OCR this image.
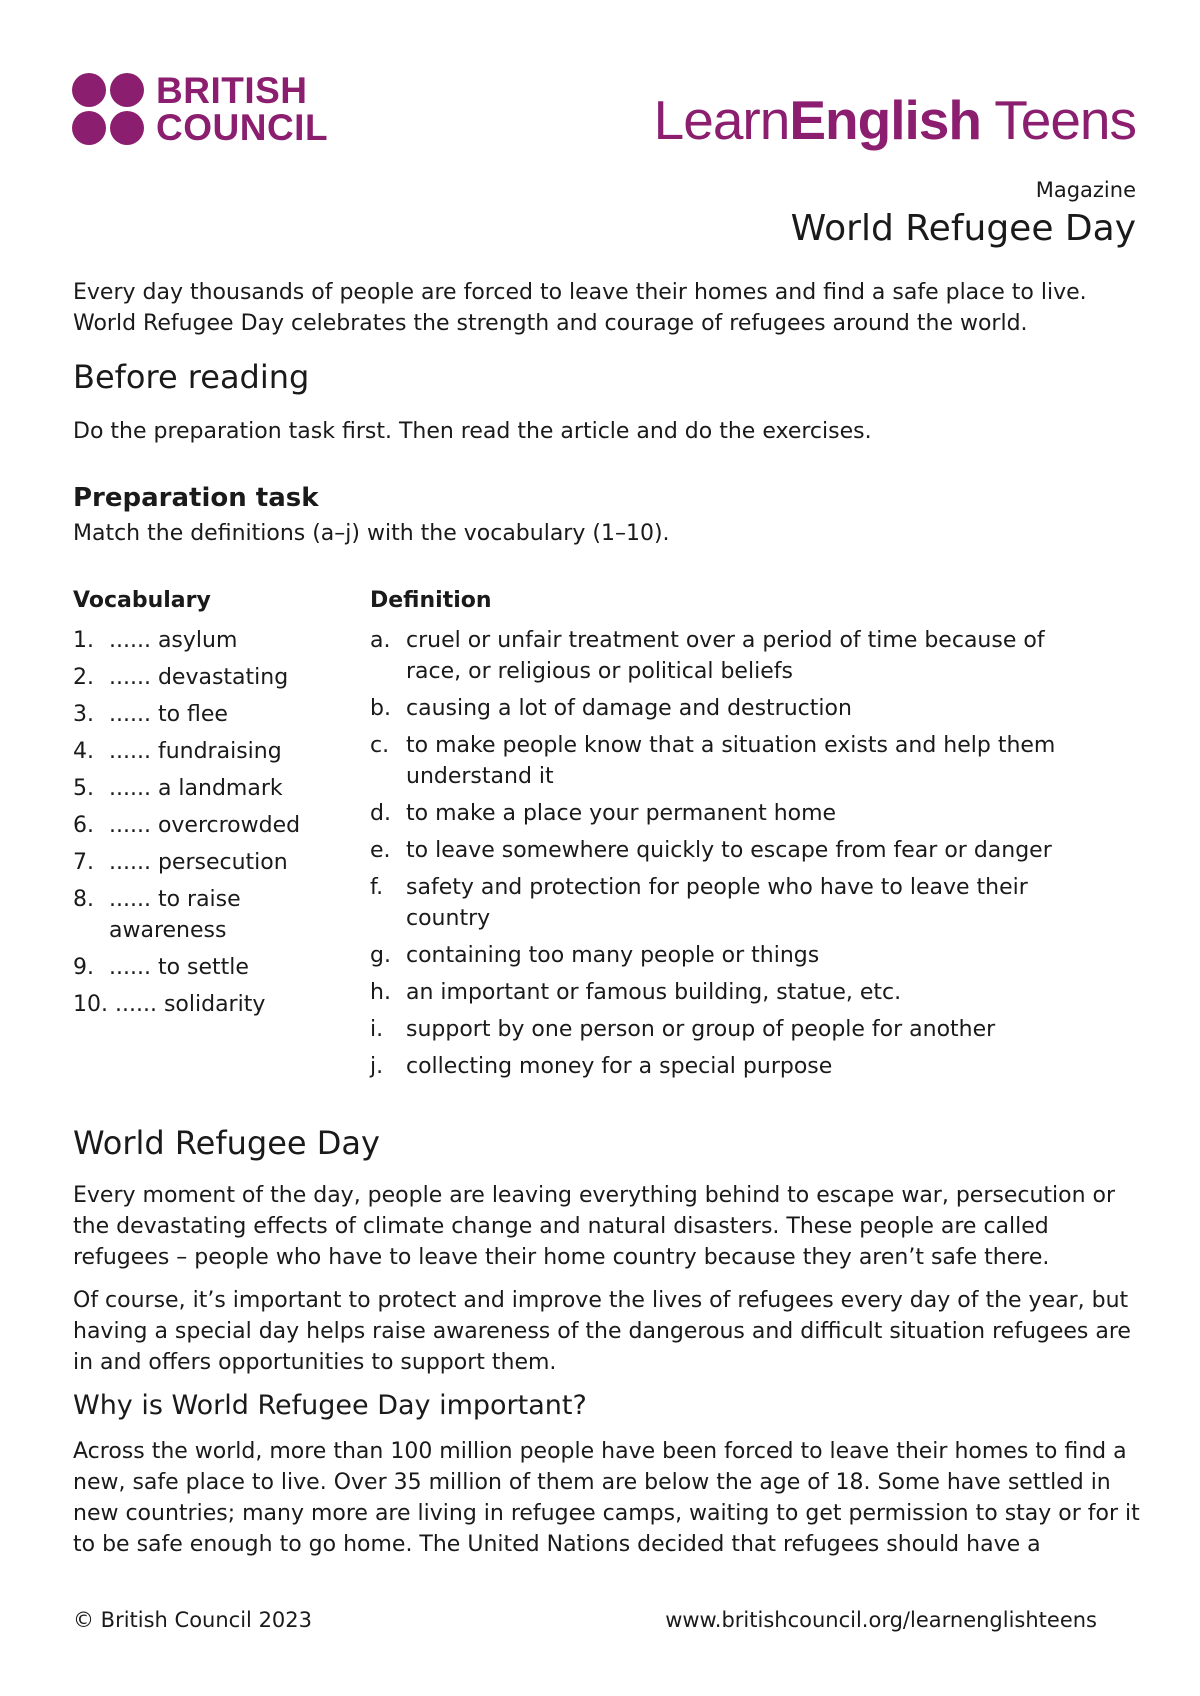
BRITISH
COUNCIL	LearnEnglish Teens
Magazine
World Refugee Day
Every day thousands of people are forced to leave their homes and find a safe place to live.
World Refugee Day celebrates the strength and courage of refugees around the world.
Before reading
Do the preparation task first. Then read the article and do the exercises.
Preparation task
Match the definitions (a–j) with the vocabulary (1–10).
Vocabulary	Definition
1. ...... asylum
2. ...... devastating
3. ...... to flee
4. ...... fundraising
5. ...... a landmark
6. ...... overcrowded
7. ...... persecution
8. ...... to raise awareness
9. ...... to settle
10. ...... solidarity
a. cruel or unfair treatment over a period of time because of race, or religious or political beliefs
b. causing a lot of damage and destruction
c. to make people know that a situation exists and help them understand it
d. to make a place your permanent home
e. to leave somewhere quickly to escape from fear or danger
f.	safety and protection for people who have to leave their country
g. containing too many people or things
h. an important or famous building, statue, etc.
i.	support by one person or group of people for another
j.	collecting money for a special purpose
World Refugee Day
Every moment of the day, people are leaving everything behind to escape war, persecution or the devastating effects of climate change and natural disasters. These people are called refugees – people who have to leave their home country because they aren’t safe there.
Of course, it’s important to protect and improve the lives of refugees every day of the year, but having a special day helps raise awareness of the dangerous and difficult situation refugees are in and offers opportunities to support them.
Why is World Refugee Day important?
Across the world, more than 100 million people have been forced to leave their homes to find a new, safe place to live. Over 35 million of them are below the age of 18. Some have settled in new countries; many more are living in refugee camps, waiting to get permission to stay or for it to be safe enough to go home. The United Nations decided that refugees should have a
© British Council 2023	www.britishcouncil.org/learnenglishteens
